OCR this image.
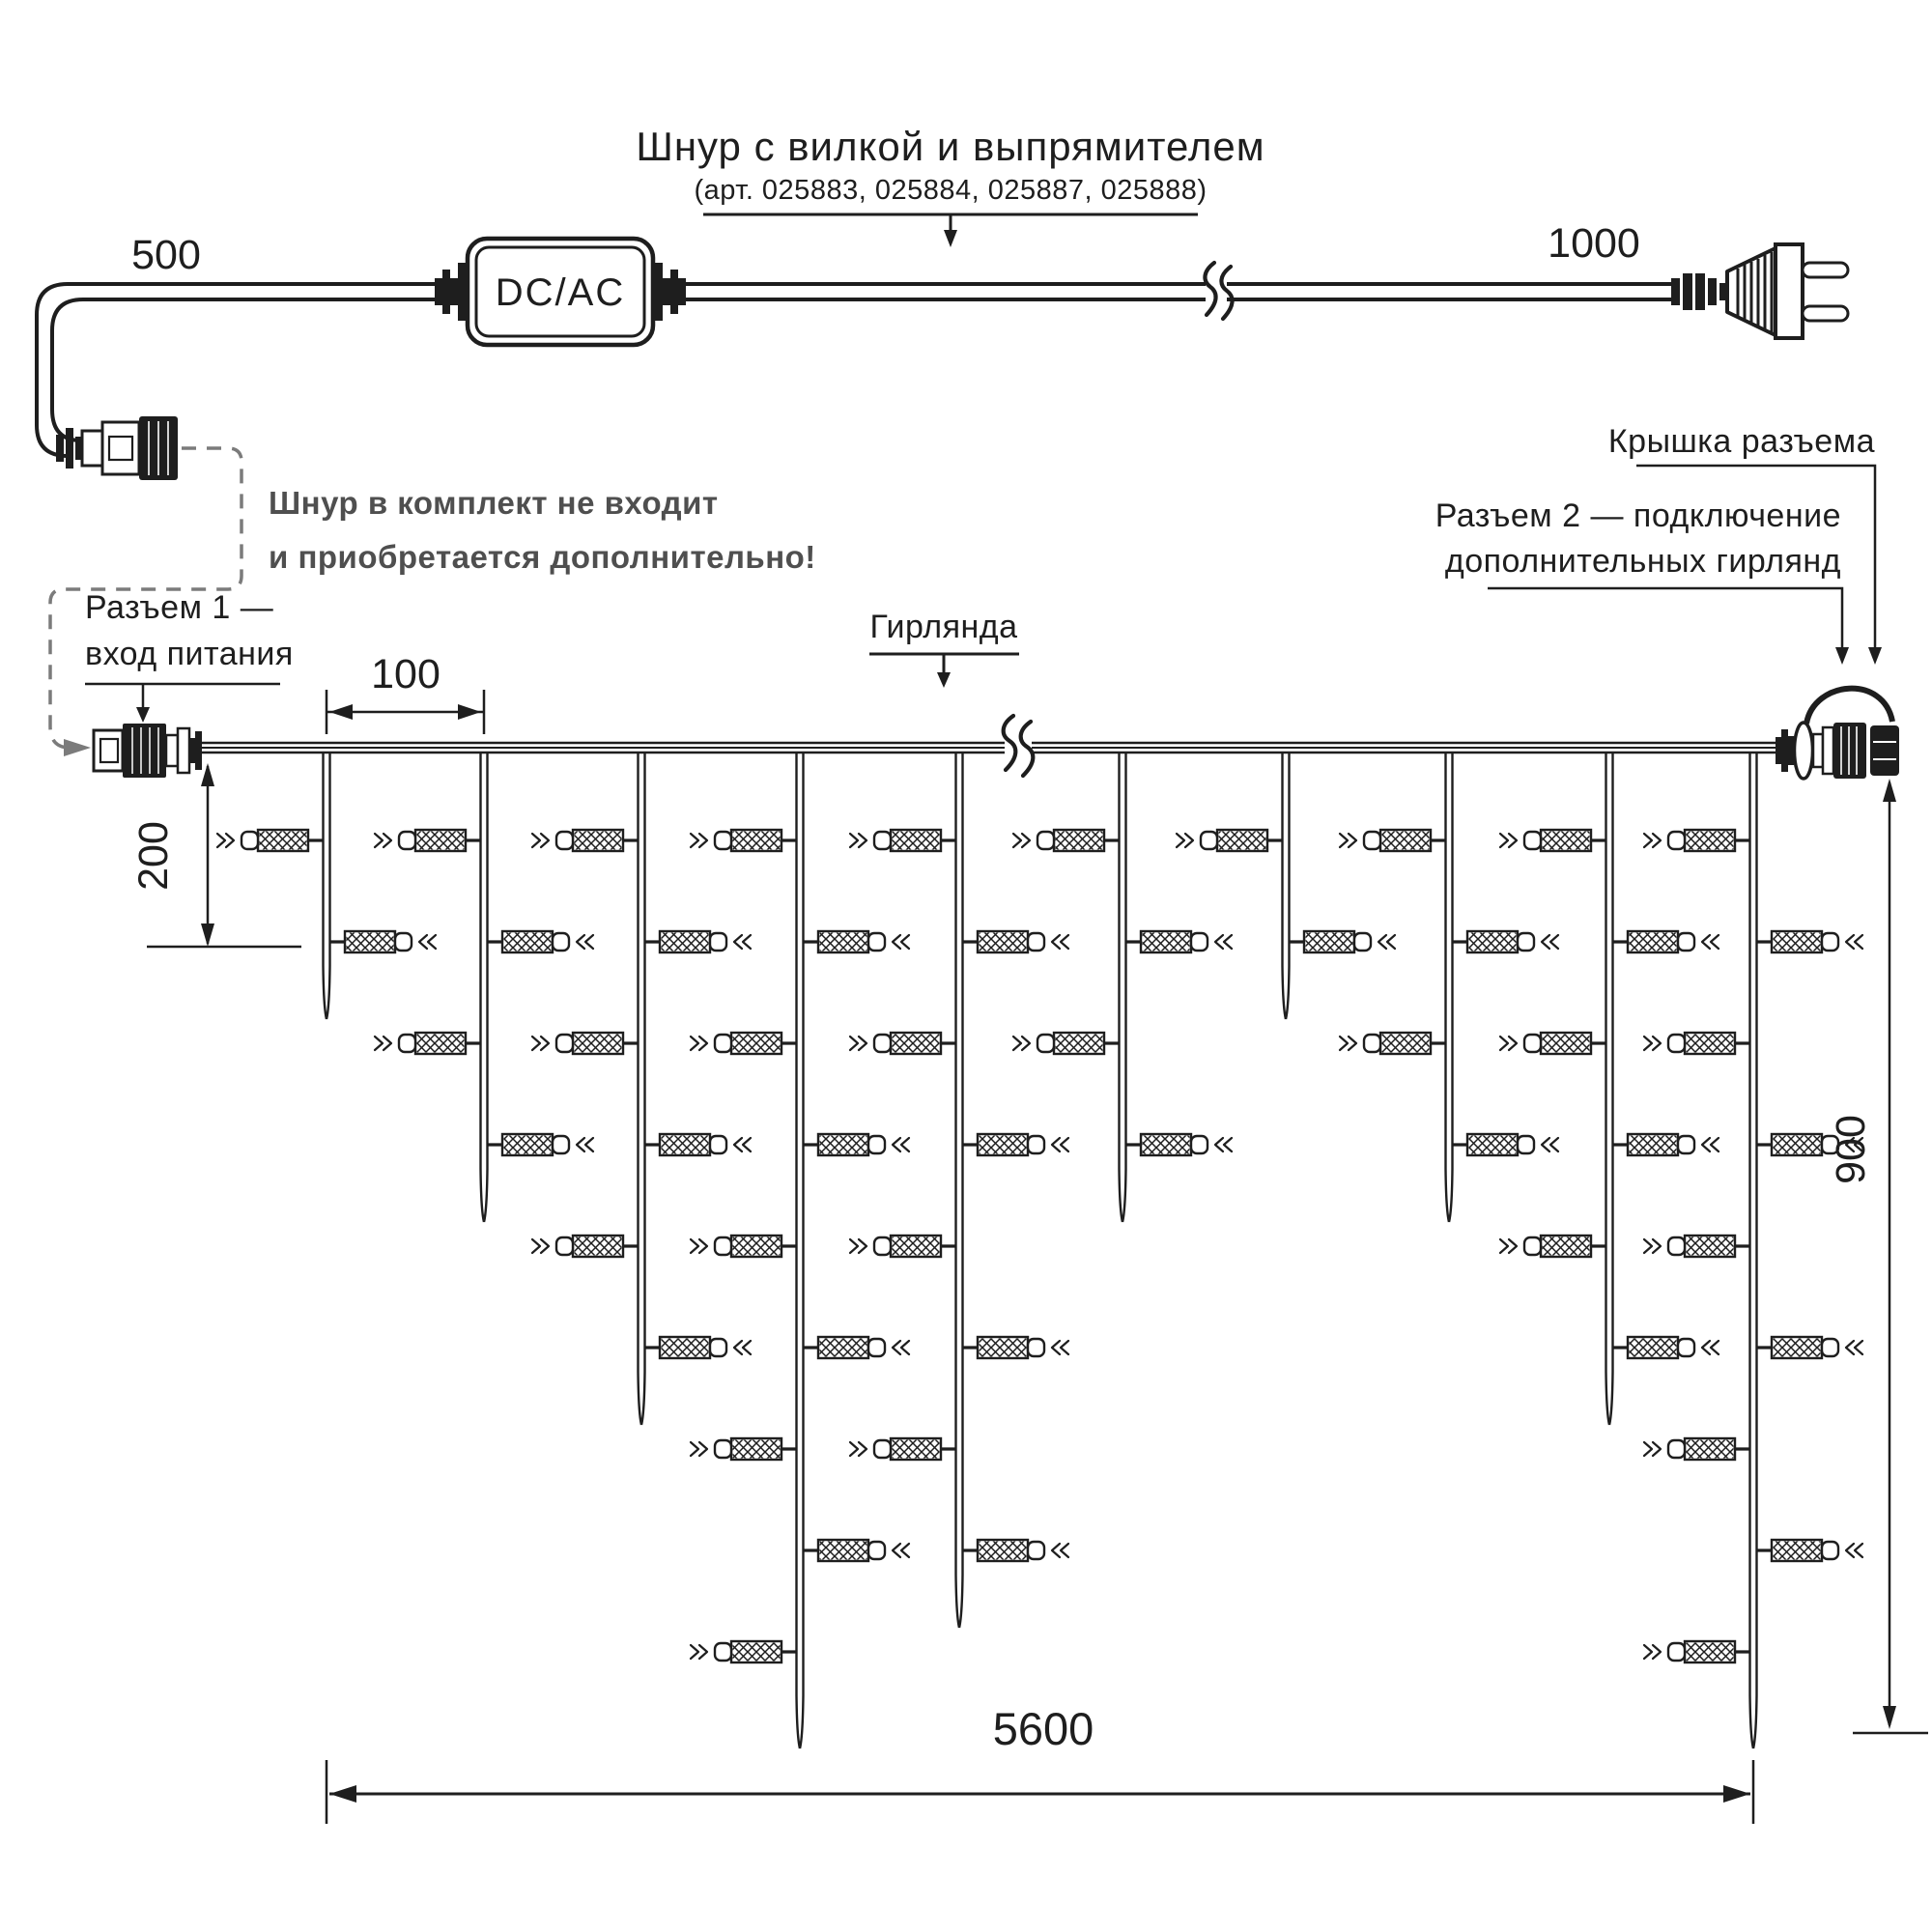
Шнур с вилкой и выпрямителем
(арт. 025883, 025884, 025887, 025888)
500	1000
DC/AC
Шнур в комплект не входит
и приобретается дополнительно!
Разъем 1 —
вход питания
Крышка разъема
Разъем 2 — подключение
дополнительных гирлянд
Гирлянда
100
200
900
5600
